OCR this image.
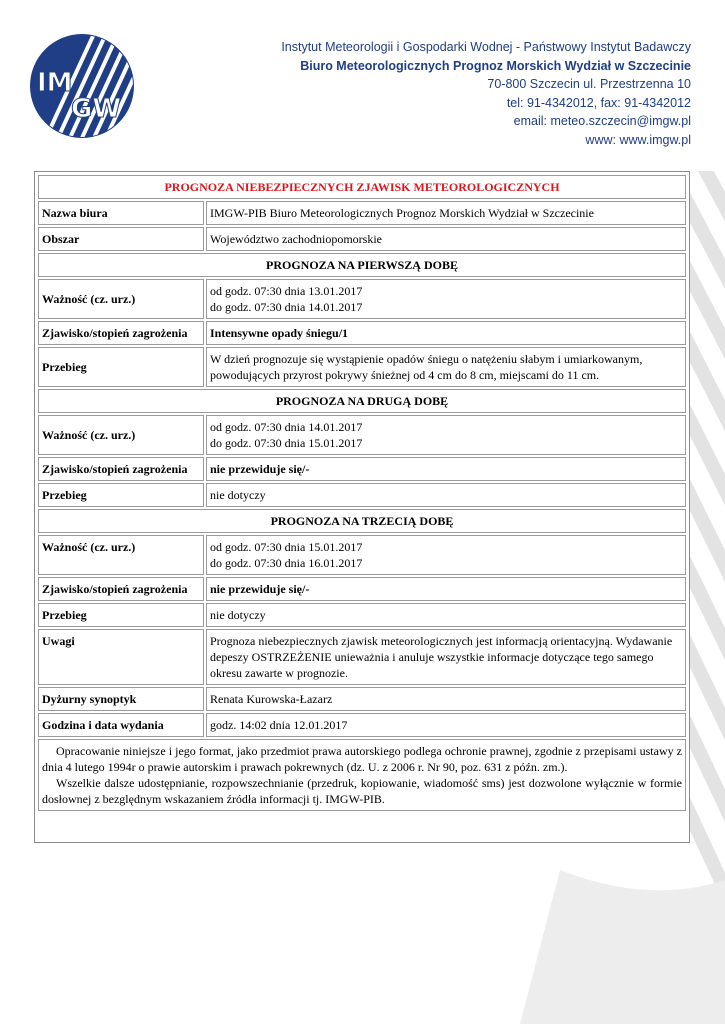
IM
GW
Instytut Meteorologii i Gospodarki Wodnej - Państwowy Instytut Badawczy
Biuro Meteorologicznych Prognoz Morskich Wydział w Szczecinie
70-800 Szczecin ul. Przestrzenna 10
tel: 91-4342012, fax: 91-4342012
email: meteo.szczecin@imgw.pl
www: www.imgw.pl
PROGNOZA NIEBEZPIECZNYCH ZJAWISK METEOROLOGICZNYCH	
Nazwa biura	IMGW-PIB Biuro Meteorologicznych Prognoz Morskich Wydział w Szczecinie
Obszar	Województwo zachodniopomorskie
PROGNOZA NA PIERWSZĄ DOBĘ	
Ważność (cz. urz.)	od godz. 07:30 dnia 13.01.2017
do godz. 07:30 dnia 14.01.2017

Zjawisko/stopień zagrożenia	Intensywne opady śniegu/1
Przebieg	W dzień prognozuje się wystąpienie opadów śniegu o natężeniu słabym i umiarkowanym, powodujących przyrost pokrywy śnieżnej od 4 cm do 8 cm, miejscami do 11 cm.
PROGNOZA NA DRUGĄ DOBĘ	
Ważność (cz. urz.)	od godz. 07:30 dnia 14.01.2017
do godz. 07:30 dnia 15.01.2017

Zjawisko/stopień zagrożenia	nie przewiduje się/-
Przebieg	nie dotyczy
PROGNOZA NA TRZECIĄ DOBĘ	
Ważność (cz. urz.)	od godz. 07:30 dnia 15.01.2017
do godz. 07:30 dnia 16.01.2017

Zjawisko/stopień zagrożenia	nie przewiduje się/-
Przebieg	nie dotyczy
Uwagi	Prognoza niebezpiecznych zjawisk meteorologicznych jest informacją orientacyjną. Wydawanie depeszy OSTRZEŻENIE unieważnia i anuluje wszystkie informacje dotyczące tego samego okresu zawarte w prognozie.
Dyżurny synoptyk	Renata Kurowska-Łazarz
Godzina i data wydania	godz. 14:02 dnia 12.01.2017

Opracowanie niniejsze i jego format, jako przedmiot prawa autorskiego podlega ochronie prawnej, zgodnie z przepisami ustawy z dnia 4 lutego 1994r o prawie autorskim i prawach pokrewnych (dz. U. z 2006 r. Nr 90, poz. 631 z późn. zm.).

Wszelkie dalsze udostępnianie, rozpowszechnianie (przedruk, kopiowanie, wiadomość sms) jest dozwolone wyłącznie w formie dosłownej z bezględnym wskazaniem źródła informacji tj. IMGW-PIB.	
